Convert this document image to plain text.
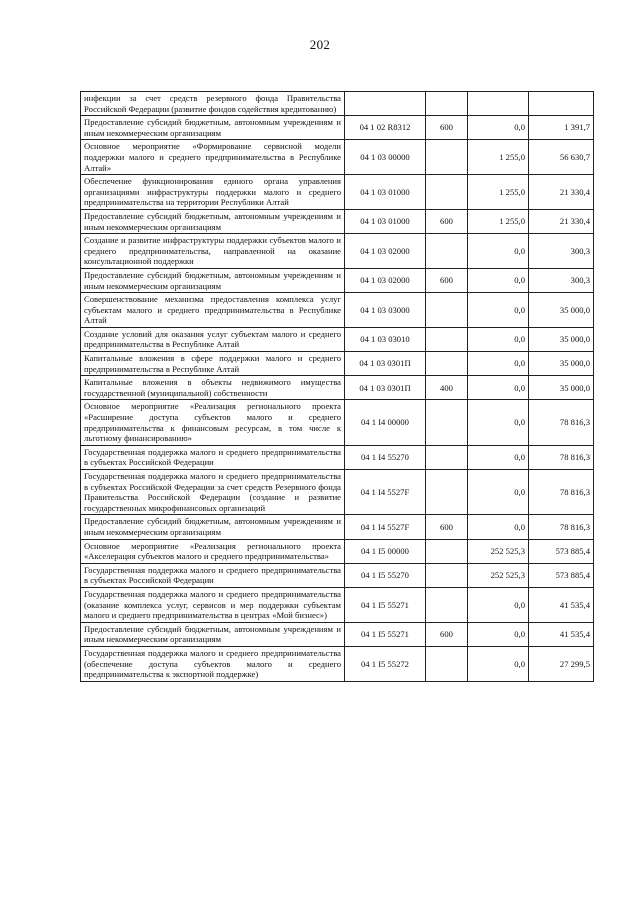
202
инфекции за счет средств резервного фонда Правительства Российской Федерации (развитие фондов содействия кредитованию)				
Предоставление субсидий бюджетным, автономным учреждениям и иным некоммерческим организациям	04 1 02 R8312	600	0,0	1 391,7
Основное мероприятие «Формирование сервисной модели поддержки малого и среднего предпринимательства в Республике Алтай»	04 1 03 00000		1 255,0	56 630,7
Обеспечение функционирования единого органа управления организациями инфраструктуры поддержки малого и среднего предпринимательства на территории Республики Алтай	04 1 03 01000		1 255,0	21 330,4
Предоставление субсидий бюджетным, автономным учреждениям и иным некоммерческим организациям	04 1 03 01000	600	1 255,0	21 330,4
Создание и развитие инфраструктуры поддержки субъектов малого и среднего предпринимательства, направленной на оказание консультационной поддержки	04 1 03 02000		0,0	300,3
Предоставление субсидий бюджетным, автономным учреждениям и иным некоммерческим организациям	04 1 03 02000	600	0,0	300,3
Совершенствование механизма предоставления комплекса услуг субъектам малого и среднего предпринимательства в Республике Алтай	04 1 03 03000		0,0	35 000,0
Создание условий для оказания услуг субъектам малого и среднего предпринимательства в Республике Алтай	04 1 03 03010		0,0	35 000,0
Капитальные вложения в сфере поддержки малого и среднего предпринимательства в Республике Алтай	04 1 03 0301П		0,0	35 000,0
Капитальные вложения в объекты недвижимого имущества государственной (муниципальной) собственности	04 1 03 0301П	400	0,0	35 000,0
Основное мероприятие «Реализация регионального проекта «Расширение доступа субъектов малого и среднего предпринимательства к финансовым ресурсам, в том числе к льготному финансированию»	04 1 I4 00000		0,0	78 816,3
Государственная поддержка малого и среднего предпринимательства в субъектах Российской Федерации	04 1 I4 55270		0,0	78 816,3
Государственная поддержка малого и среднего предпринимательства в субъектах Российской Федерации за счет средств Резервного фонда Правительства Российской Федерации (создание и развитие государственных микрофинансовых организаций	04 1 I4 5527F		0,0	78 816,3
Предоставление субсидий бюджетным, автономным учреждениям и иным некоммерческим организациям	04 1 I4 5527F	600	0,0	78 816,3
Основное мероприятие «Реализация регионального проекта «Акселерация субъектов малого и среднего предпринимательства»	04 1 I5 00000		252 525,3	573 885,4
Государственная поддержка малого и среднего предпринимательства в субъектах Российской Федерации	04 1 I5 55270		252 525,3	573 885,4
Государственная поддержка малого и среднего предпринимательства (оказание комплекса услуг, сервисов и мер поддержки субъектам малого и среднего предпринимательства в центрах «Мой бизнес»)	04 1 I5 55271		0,0	41 535,4
Предоставление субсидий бюджетным, автономным учреждениям и иным некоммерческим организациям	04 1 I5 55271	600	0,0	41 535,4
Государственная поддержка малого и среднего предпринимательства (обеспечение доступа субъектов малого и среднего предпринимательства к экспортной поддержке)	04 1 I5 55272		0,0	27 299,5
